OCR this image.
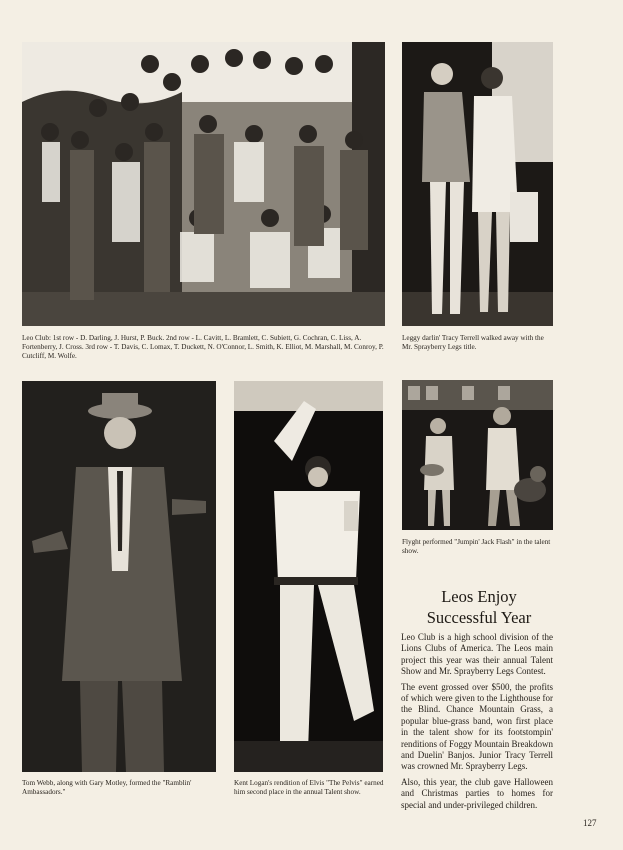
Leo Club: 1st row - D. Darling, J. Hurst, P. Buck. 2nd row - L. Cavitt, L. Bramlett, C. Subiett, G. Cochran, C. Liss, A. Fortenberry, J. Cross. 3rd row - T. Davis, C. Lomax, T. Duckett, N. O'Connor, L. Smith, K. Elliot, M. Marshall, M. Conroy, P. Cutcliff, M. Wolfe.

Leggy darlin' Tracy Terrell walked away with the Mr. Sprayberry Legs title.

Tom Webb, along with Gary Motley, formed the "Ramblin' Ambassadors."

Kent Logan's rendition of Elvis "The Pelvis" earned him second place in the annual Talent show.

Flyght performed "Jumpin' Jack Flash" in the talent show.

Leos Enjoy
Successful Year

Leo Club is a high school division of the Lions Clubs of America. The Leos main project this year was their annual Talent Show and Mr. Sprayberry Legs Contest.

The event grossed over $500, the profits of which were given to the Lighthouse for the Blind. Chance Mountain Grass, a popular blue-grass band, won first place in the talent show for its footstompin' renditions of Foggy Mountain Breakdown and Duelin' Banjos. Junior Tracy Terrell was crowned Mr. Sprayberry Legs.

Also, this year, the club gave Halloween and Christmas parties to homes for special and under-privileged children.

127
